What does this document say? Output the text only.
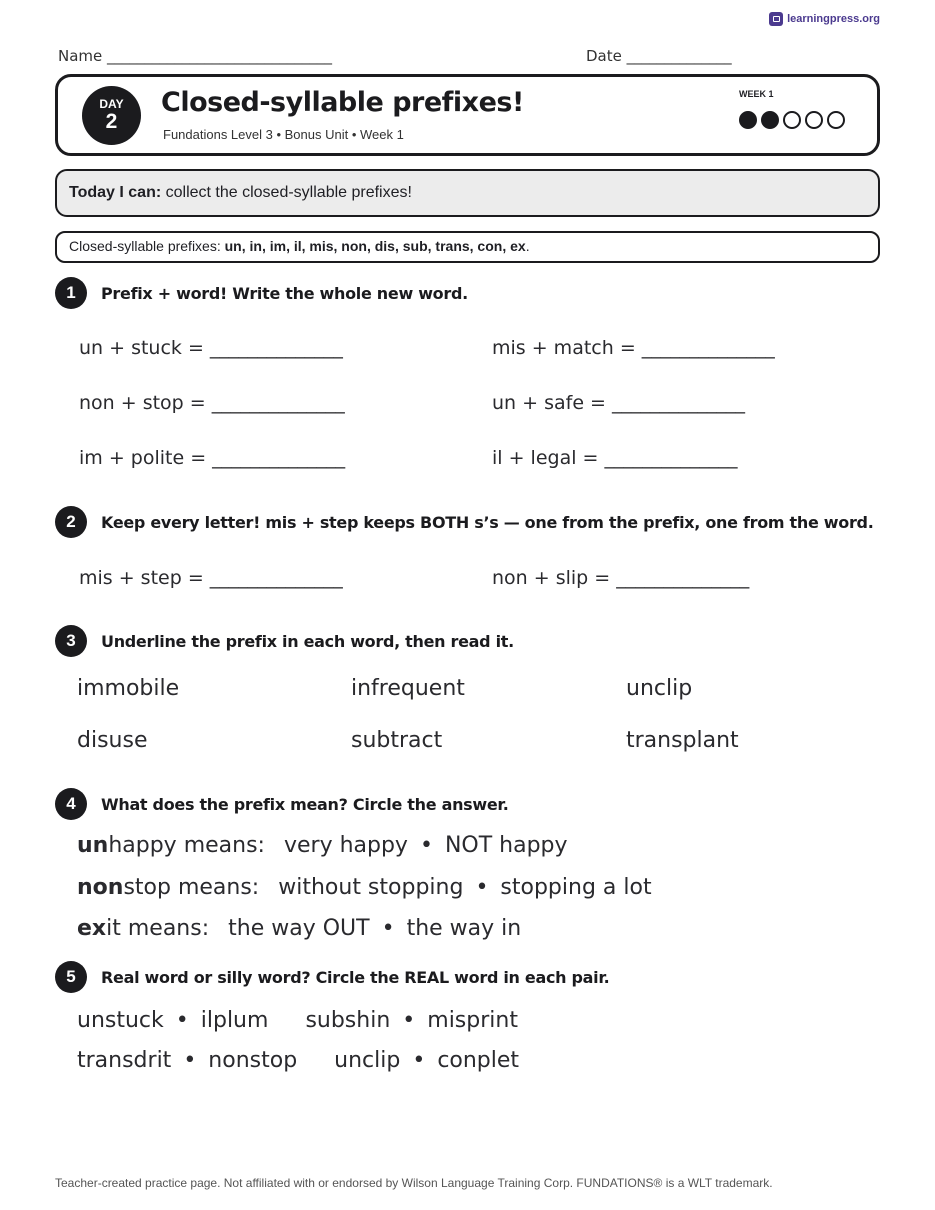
learningpress.org
Name ______________________________	Date ______________
DAY
2
Closed-syllable prefixes!
Fundations Level 3 • Bonus Unit • Week 1
WEEK 1
Today I can: collect the closed-syllable prefixes!
Closed-syllable prefixes: un, in, im, il, mis, non, dis, sub, trans, con, ex.
1	Prefix + word! Write the whole new word.
un + stuck = ______________	mis + match = ______________
non + stop = ______________	un + safe = ______________
im + polite = ______________	il + legal = ______________
2	Keep every letter! mis + step keeps BOTH s’s — one from the prefix, one from the word.
mis + step = ______________	non + slip = ______________
3	Underline the prefix in each word, then read it.
immobile	infrequent	unclip
disuse	subtract	transplant
4	What does the prefix mean? Circle the answer.
unhappy means: very happy • NOT happy
nonstop means: without stopping • stopping a lot
exit means: the way OUT • the way in
5	Real word or silly word? Circle the REAL word in each pair.
unstuck • ilplum subshin • misprint
transdrit • nonstop unclip • conplet
Teacher-created practice page. Not affiliated with or endorsed by Wilson Language Training Corp. FUNDATIONS® is a WLT trademark.
